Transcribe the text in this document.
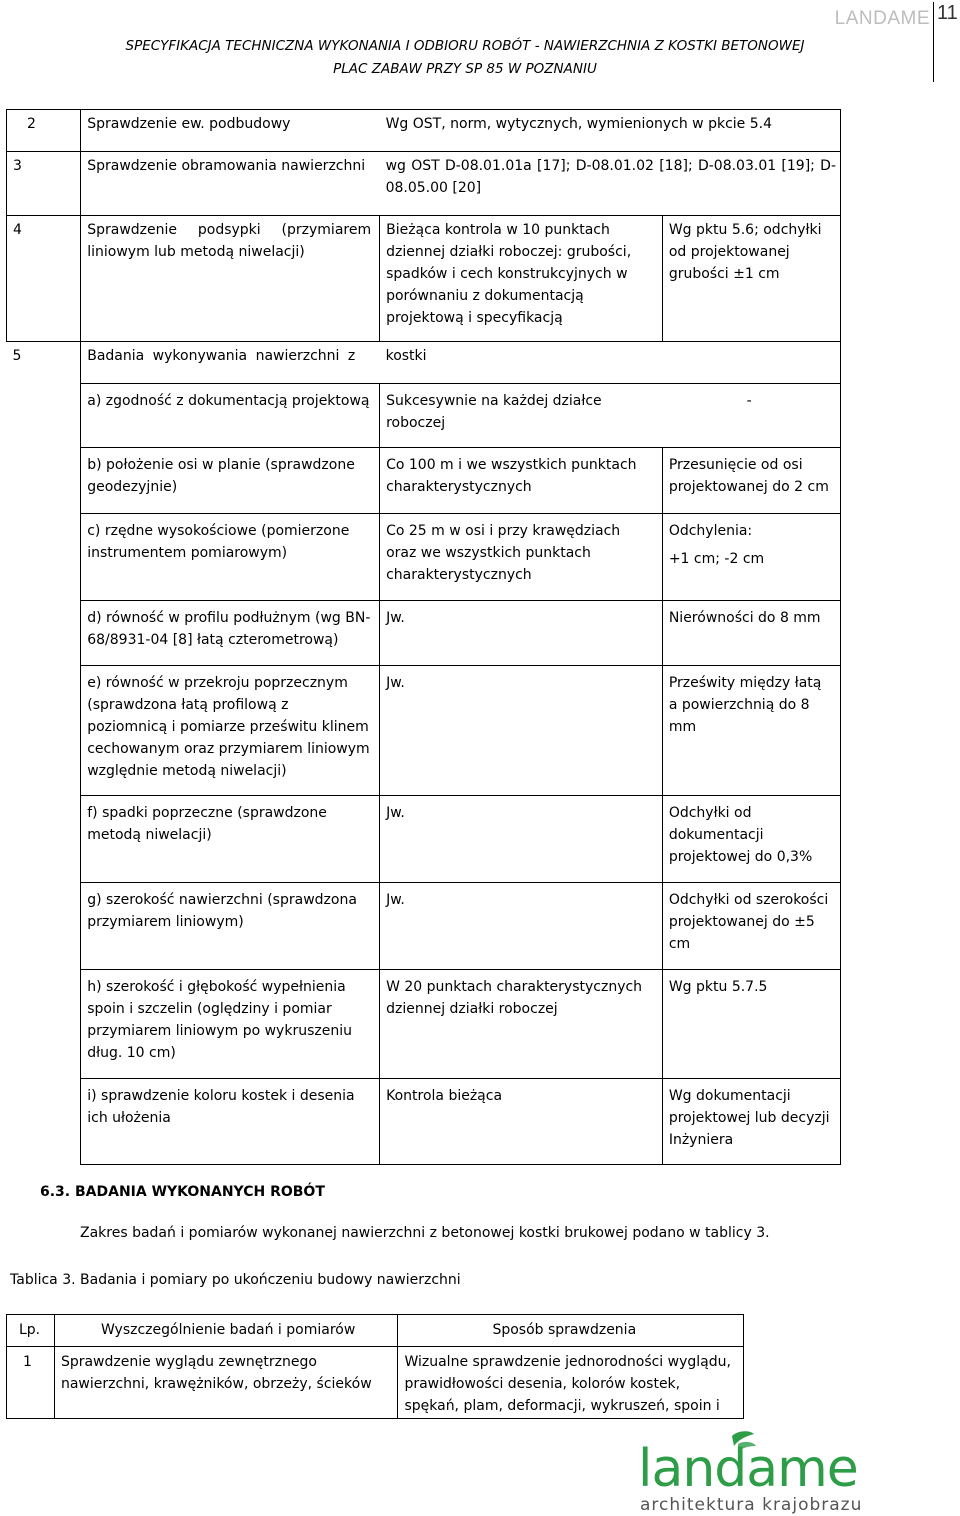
LANDAME 11
SPECYFIKACJA TECHNICZNA WYKONANIA I ODBIORU ROBÓT - NAWIERZCHNIA Z KOSTKI BETONOWEJ
PLAC ZABAW PRZY SP 85 W POZNANIU
2	Sprawdzenie ew. podbudowy	Wg OST, norm, wytycznych, wymienionych w pkcie 5.4	
3	Sprawdzenie obramowania nawierzchni	wg OST D-08.01.01a [17]; D-08.01.02 [18]; D-08.03.01 [19]; D-08.05.00 [20]	
4	Sprawdzenie podsypki (przymiarem liniowym lub metodą niwelacji)	Bieżąca kontrola w 10 punktach dziennej działki roboczej: grubości, spadków i cech konstrukcyjnych w porównaniu z dokumentacją projektową i specyfikacją	Wg pktu 5.6; odchyłki od projektowanej grubości ±1 cm
5	Badania wykonywania nawierzchni z	kostki	
	a) zgodność z dokumentacją projektową	Sukcesywnie na każdej działce roboczej	-
	b) położenie osi w planie (sprawdzone geodezyjnie)	Co 100 m i we wszystkich punktach charakterystycznych	Przesunięcie od osi projektowanej do 2 cm
	c) rzędne wysokościowe (pomierzone instrumentem pomiarowym)	Co 25 m w osi i przy krawędziach oraz we wszystkich punktach charakterystycznych	Odchylenia:
+1 cm; -2 cm

	d) równość w profilu podłużnym (wg BN-68/8931-04 [8] łatą czterometrową)	Jw.	Nierówności do 8 mm
	e) równość w przekroju poprzecznym (sprawdzona łatą profilową z poziomnicą i pomiarze prześwitu klinem cechowanym oraz przymiarem liniowym względnie metodą niwelacji)	Jw.	Prześwity między łatą a powierzchnią do 8 mm
	f) spadki poprzeczne (sprawdzone metodą niwelacji)	Jw.	Odchyłki od dokumentacji projektowej do 0,3%
	g) szerokość nawierzchni (sprawdzona przymiarem liniowym)	Jw.	Odchyłki od szerokości projektowanej do ±5 cm
	h) szerokość i głębokość wypełnienia spoin i szczelin (oględziny i pomiar przymiarem liniowym po wykruszeniu dług. 10 cm)	W 20 punktach charakterystycznych dziennej działki roboczej	Wg pktu 5.7.5
	i) sprawdzenie koloru kostek i desenia ich ułożenia	Kontrola bieżąca	Wg dokumentacji projektowej lub decyzji Inżyniera
6.3. BADANIA WYKONANYCH ROBÓT
Zakres badań i pomiarów wykonanej nawierzchni z betonowej kostki brukowej podano w tablicy 3.
Tablica 3. Badania i pomiary po ukończeniu budowy nawierzchni
Lp.	Wyszczególnienie badań i pomiarów	Sposób sprawdzenia
1	Sprawdzenie wyglądu zewnętrznego nawierzchni, krawężników, obrzeży, ścieków	Wizualne sprawdzenie jednorodności wyglądu, prawidłowości desenia, kolorów kostek, spękań, plam, deformacji, wykruszeń, spoin i
landame
architektura krajobrazu
